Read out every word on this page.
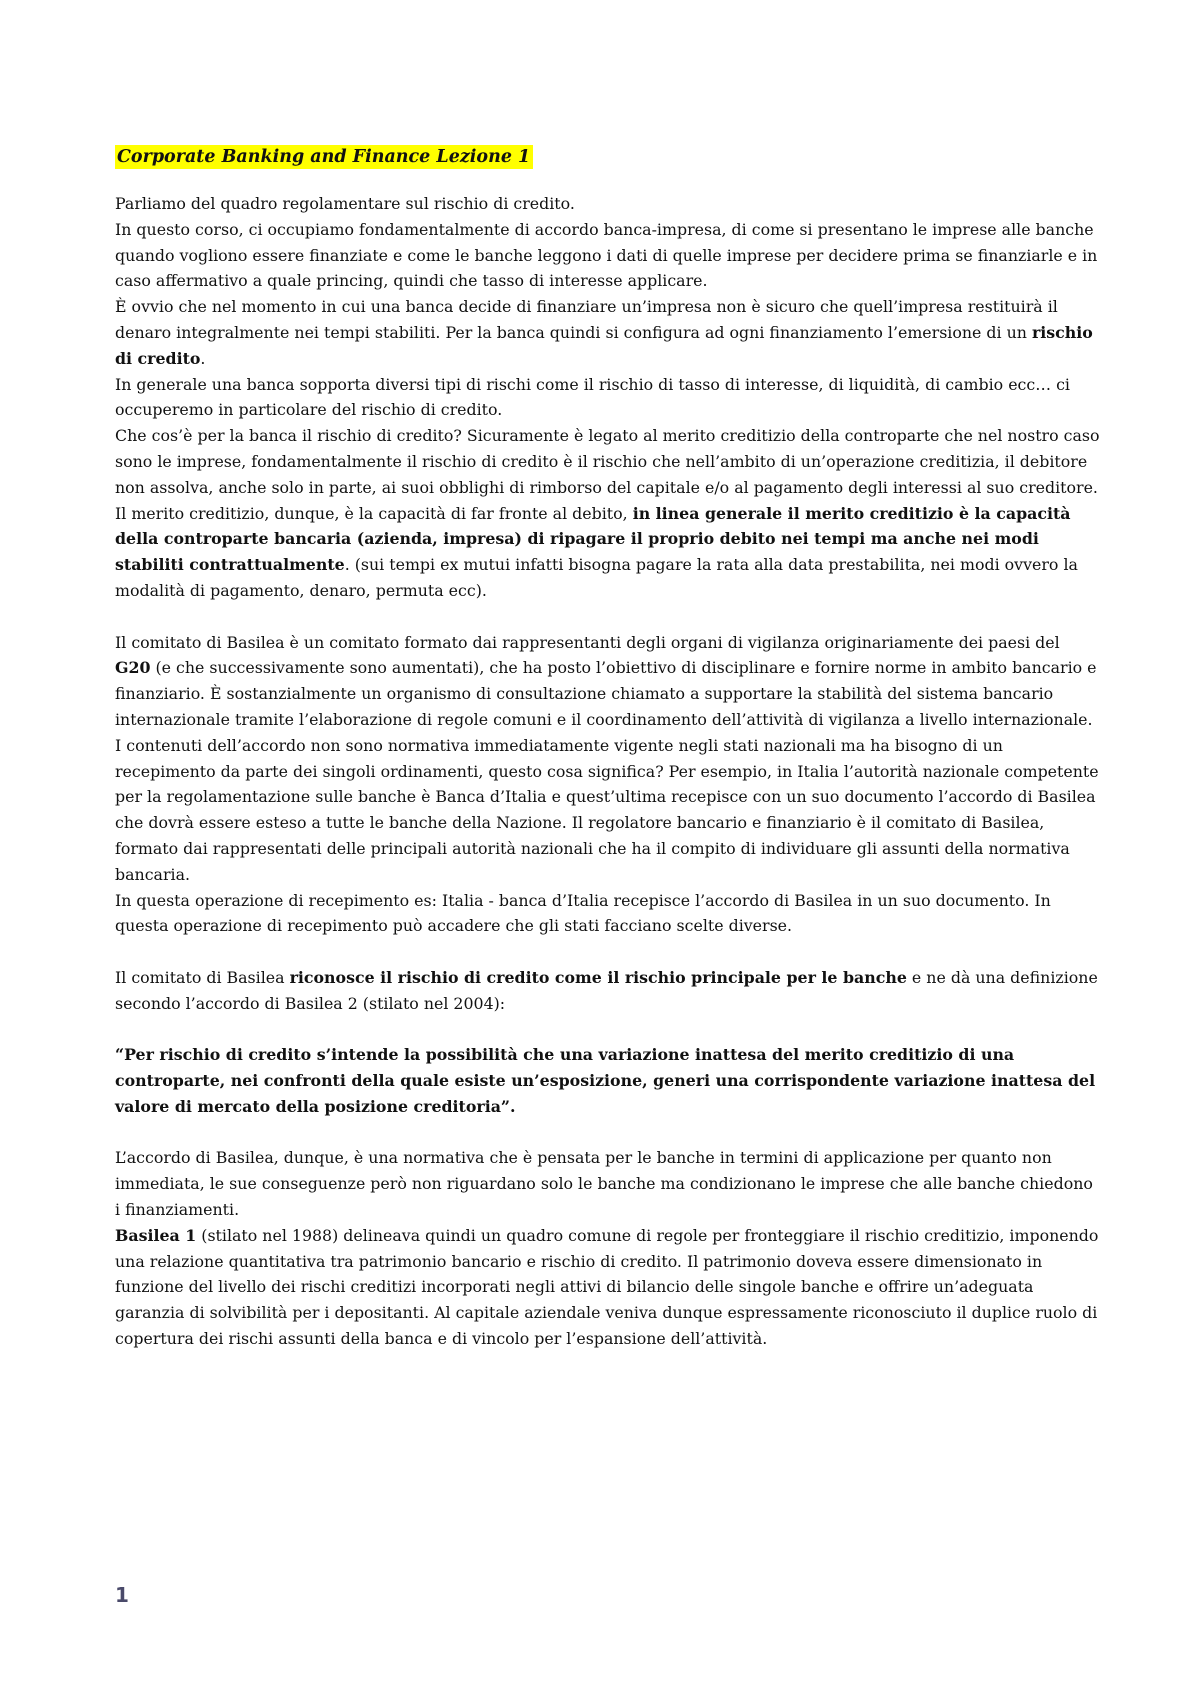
Corporate Banking and Finance Lezione 1

Parliamo del quadro regolamentare sul rischio di credito.

In questo corso, ci occupiamo fondamentalmente di accordo banca-impresa, di come si presentano le imprese alle banche quando vogliono essere finanziate e come le banche leggono i dati di quelle imprese per decidere prima se finanziarle e in caso affermativo a quale princing, quindi che tasso di interesse applicare.

È ovvio che nel momento in cui una banca decide di finanziare un’impresa non è sicuro che quell’impresa restituirà il denaro integralmente nei tempi stabiliti. Per la banca quindi si configura ad ogni finanziamento l’emersione di un rischio di credito.

In generale una banca sopporta diversi tipi di rischi come il rischio di tasso di interesse, di liquidità, di cambio ecc… ci occuperemo in particolare del rischio di credito.

Che cos’è per la banca il rischio di credito? Sicuramente è legato al merito creditizio della controparte che nel nostro caso sono le imprese, fondamentalmente il rischio di credito è il rischio che nell’ambito di un’operazione creditizia, il debitore non assolva, anche solo in parte, ai suoi obblighi di rimborso del capitale e/o al pagamento degli interessi al suo creditore.

Il merito creditizio, dunque, è la capacità di far fronte al debito, in linea generale il merito creditizio è la capacità della controparte bancaria (azienda, impresa) di ripagare il proprio debito nei tempi ma anche nei modi stabiliti contrattualmente. (sui tempi ex mutui infatti bisogna pagare la rata alla data prestabilita, nei modi ovvero la modalità di pagamento, denaro, permuta ecc).

Il comitato di Basilea è un comitato formato dai rappresentanti degli organi di vigilanza originariamente dei paesi del G20 (e che successivamente sono aumentati), che ha posto l’obiettivo di disciplinare e fornire norme in ambito bancario e finanziario. È sostanzialmente un organismo di consultazione chiamato a supportare la stabilità del sistema bancario internazionale tramite l’elaborazione di regole comuni e il coordinamento dell’attività di vigilanza a livello internazionale. I contenuti dell’accordo non sono normativa immediatamente vigente negli stati nazionali ma ha bisogno di un recepimento da parte dei singoli ordinamenti, questo cosa significa? Per esempio, in Italia l’autorità nazionale competente per la regolamentazione sulle banche è Banca d’Italia e quest’ultima recepisce con un suo documento l’accordo di Basilea che dovrà essere esteso a tutte le banche della Nazione. Il regolatore bancario e finanziario è il comitato di Basilea, formato dai rappresentati delle principali autorità nazionali che ha il compito di individuare gli assunti della normativa bancaria.

In questa operazione di recepimento es: Italia - banca d’Italia recepisce l’accordo di Basilea in un suo documento. In questa operazione di recepimento può accadere che gli stati facciano scelte diverse.

Il comitato di Basilea riconosce il rischio di credito come il rischio principale per le banche e ne dà una definizione secondo l’accordo di Basilea 2 (stilato nel 2004):

“Per rischio di credito s’intende la possibilità che una variazione inattesa del merito creditizio di una controparte, nei confronti della quale esiste un’esposizione, generi una corrispondente variazione inattesa del valore di mercato della posizione creditoria”.

L’accordo di Basilea, dunque, è una normativa che è pensata per le banche in termini di applicazione per quanto non immediata, le sue conseguenze però non riguardano solo le banche ma condizionano le imprese che alle banche chiedono i finanziamenti.

Basilea 1 (stilato nel 1988) delineava quindi un quadro comune di regole per fronteggiare il rischio creditizio, imponendo una relazione quantitativa tra patrimonio bancario e rischio di credito. Il patrimonio doveva essere dimensionato in funzione del livello dei rischi creditizi incorporati negli attivi di bilancio delle singole banche e offrire un’adeguata garanzia di solvibilità per i depositanti. Al capitale aziendale veniva dunque espressamente riconosciuto il duplice ruolo di copertura dei rischi assunti della banca e di vincolo per l’espansione dell’attività.

1
